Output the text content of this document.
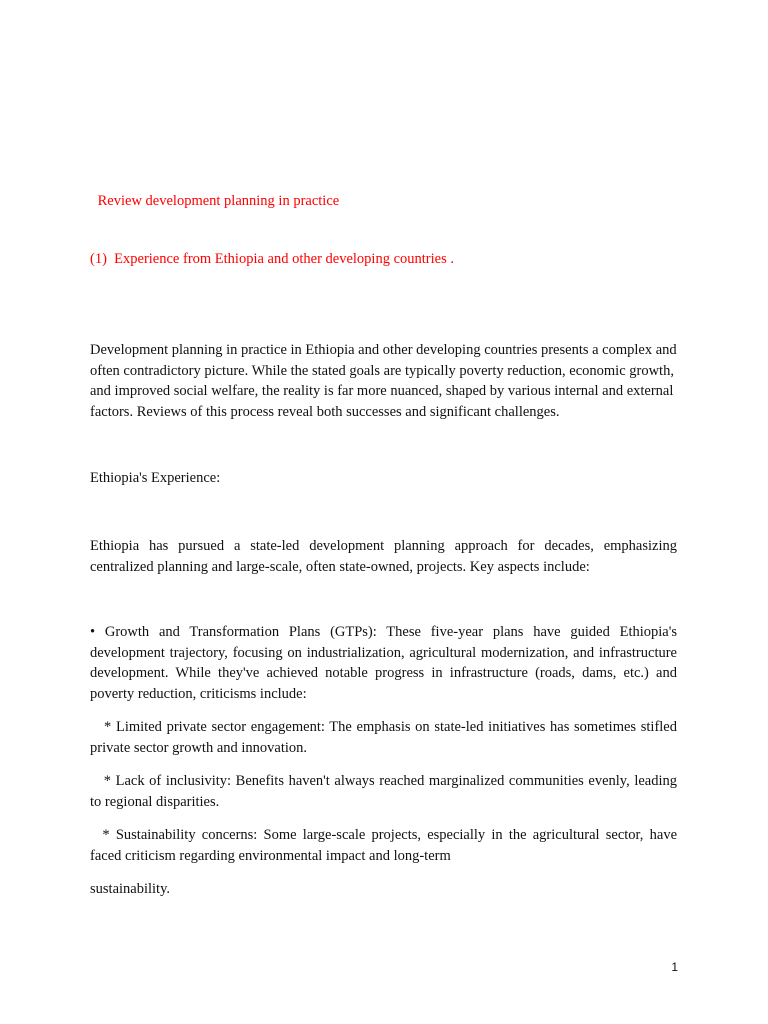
Review development planning in practice
(1)  Experience from Ethiopia and other developing countries .
Development planning in practice in Ethiopia and other developing countries presents a complex and often contradictory picture. While the stated goals are typically poverty reduction, economic growth, and improved social welfare, the reality is far more nuanced, shaped by various internal and external factors. Reviews of this process reveal both successes and significant challenges.
Ethiopia's Experience:
Ethiopia has pursued a state-led development planning approach for decades, emphasizing centralized planning and large-scale, often state-owned, projects. Key aspects include:
• Growth and Transformation Plans (GTPs): These five-year plans have guided Ethiopia's development trajectory, focusing on industrialization, agricultural modernization, and infrastructure development. While they've achieved notable progress in infrastructure (roads, dams, etc.) and poverty reduction, criticisms include:
* Limited private sector engagement: The emphasis on state-led initiatives has sometimes stifled private sector growth and innovation.
* Lack of inclusivity: Benefits haven't always reached marginalized communities evenly, leading to regional disparities.
* Sustainability concerns: Some large-scale projects, especially in the agricultural sector, have faced criticism regarding environmental impact and long-term
sustainability.
1
